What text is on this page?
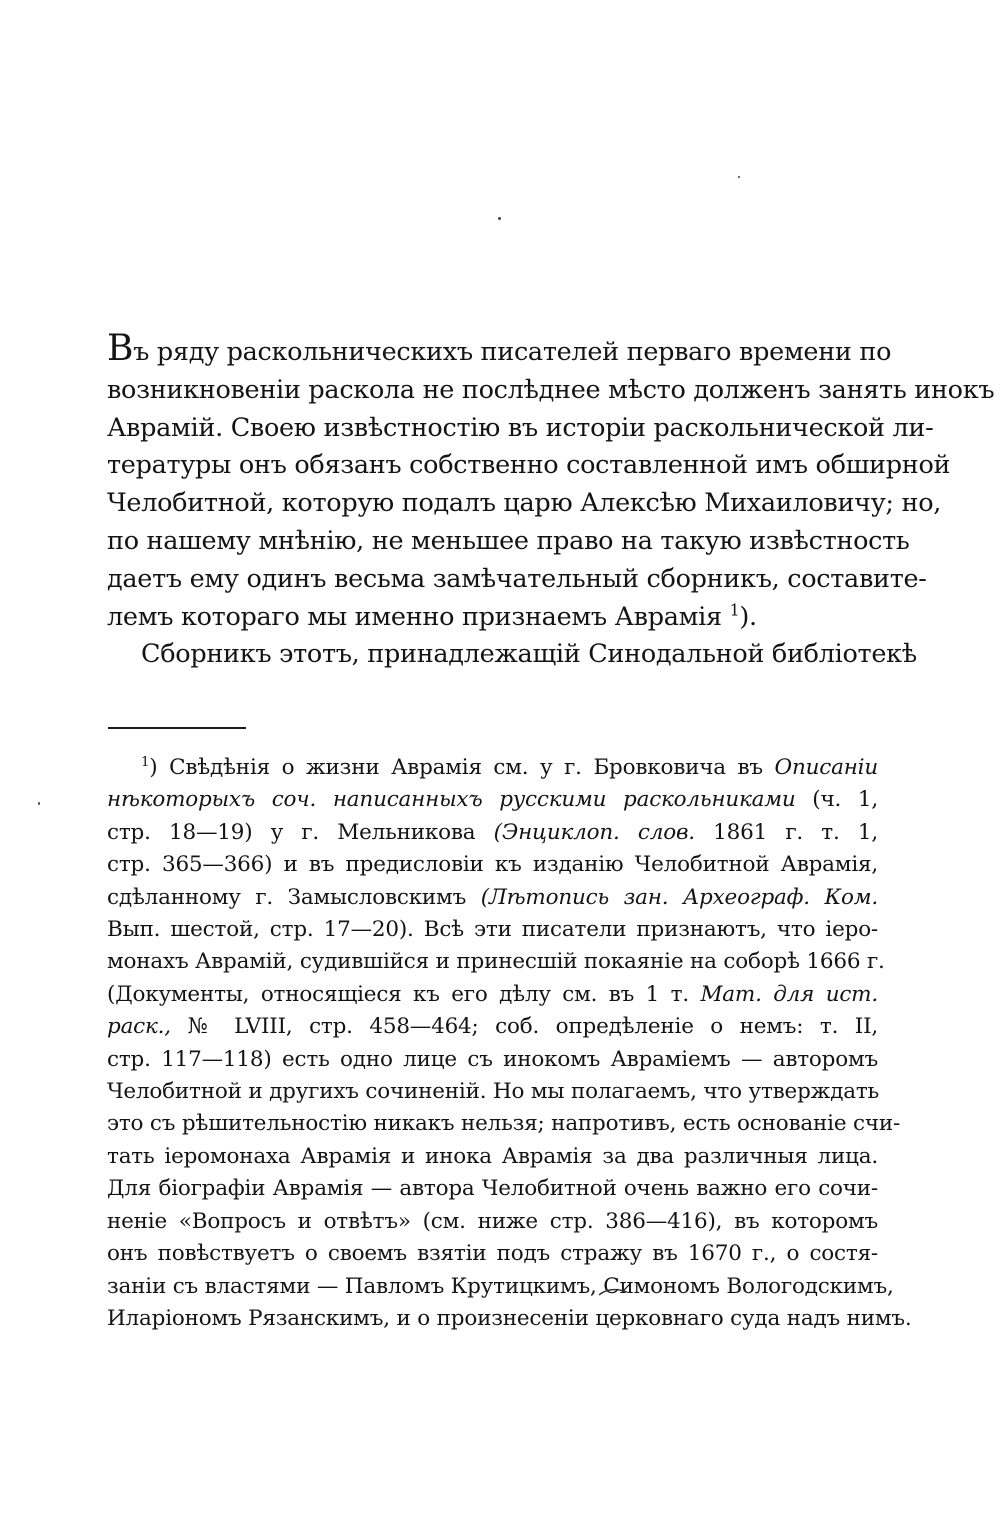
Въ ряду раскольническихъ писателей перваго времени по
возникновенiи раскола не послѣднее мѣсто долженъ занять инокъ
Аврамiй. Своею извѣстностiю въ исторiи раскольнической ли-
тературы онъ обязанъ собственно составленной имъ обширной
Челобитной, которую подалъ царю Алексѣю Михаиловичу; но,
по нашему мнѣнiю, не меньшее право на такую извѣстность
даетъ ему одинъ весьма замѣчательный сборникъ, составите-
лемъ котораго мы именно признаемъ Аврамiя $^1$).
Сборникъ этотъ, принадлежащiй Синодальной библiотекѣ
$^1$) Свѣдѣнiя о жизни Аврамiя см. у г. Бровковича въ Описанiи
нѣкоторыхъ соч. написанныхъ русскими раскольниками (ч. 1,
стр. 18—19) у г. Мельникова (Энциклоп. слов. 1861 г. т. 1,
стр. 365—366) и въ предисловiи къ изданiю Челобитной Аврамiя,
сдѣланному г. Замысловскимъ (Лѣтопись зан. Археограф. Ком.
Вып. шестой, стр. 17—20). Всѣ эти писатели признаютъ, что iеро-
монахъ Аврамiй, судившiйся и принесшiй покаянiе на соборѣ 1666 г.
(Документы, относящiеся къ его дѣлу см. въ 1 т. Мат. для ист.
раск., № LVIII, стр. 458—464; соб. опредѣленiе о немъ: т. II,
стр. 117—118) есть одно лице съ инокомъ Аврамiемъ — авторомъ
Челобитной и другихъ сочиненiй. Но мы полагаемъ, что утверждать
это съ рѣшительностiю никакъ нельзя; напротивъ, есть основанiе счи-
тать iеромонаха Аврамiя и инока Аврамiя за два различныя лица.
Для бiографiи Аврамiя — автора Челобитной очень важно его сочи-
ненiе «Вопросъ и отвѣтъ» (см. ниже стр. 386—416), въ которомъ
онъ повѣствуетъ о своемъ взятiи подъ стражу въ 1670 г., о состя-
занiи съ властями — Павломъ Крутицкимъ, Симономъ Вологодскимъ,
Иларiономъ Рязанскимъ, и о произнесенiи церковнаго суда надъ нимъ.
